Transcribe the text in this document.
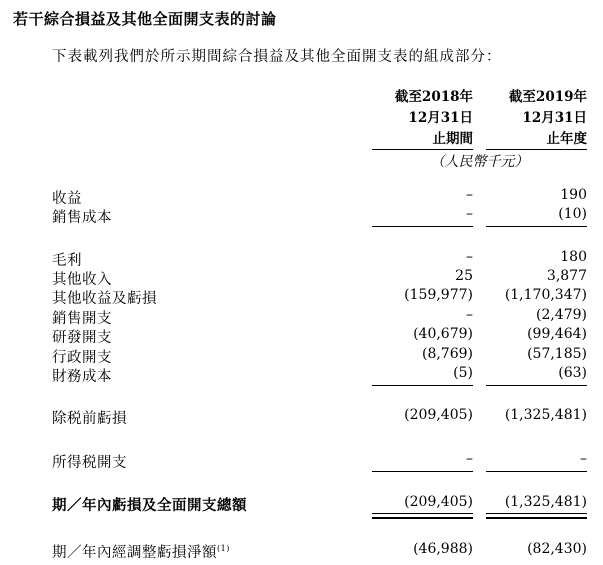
若干綜合損益及其他全面開支表的討論
下表載列我們於所示期間綜合損益及其他全面開支表的組成部分：
截至2018年
12月31日
止期間
截至2019年
12月31日
止年度
（人民幣千元）
收益	–	190
銷售成本	–	(10)
毛利	–	180
其他收入	25	3,877
其他收益及虧損	(159,977)	(1,170,347)
銷售開支	–	(2,479)
研發開支	(40,679)	(99,464)
行政開支	(8,769)	(57,185)
財務成本	(5)	(63)
除税前虧損	(209,405)	(1,325,481)
所得税開支	–	–
期／年內虧損及全面開支總額	(209,405)	(1,325,481)
期／年內經調整虧損淨額$^{(1)}$	(46,988)	(82,430)
